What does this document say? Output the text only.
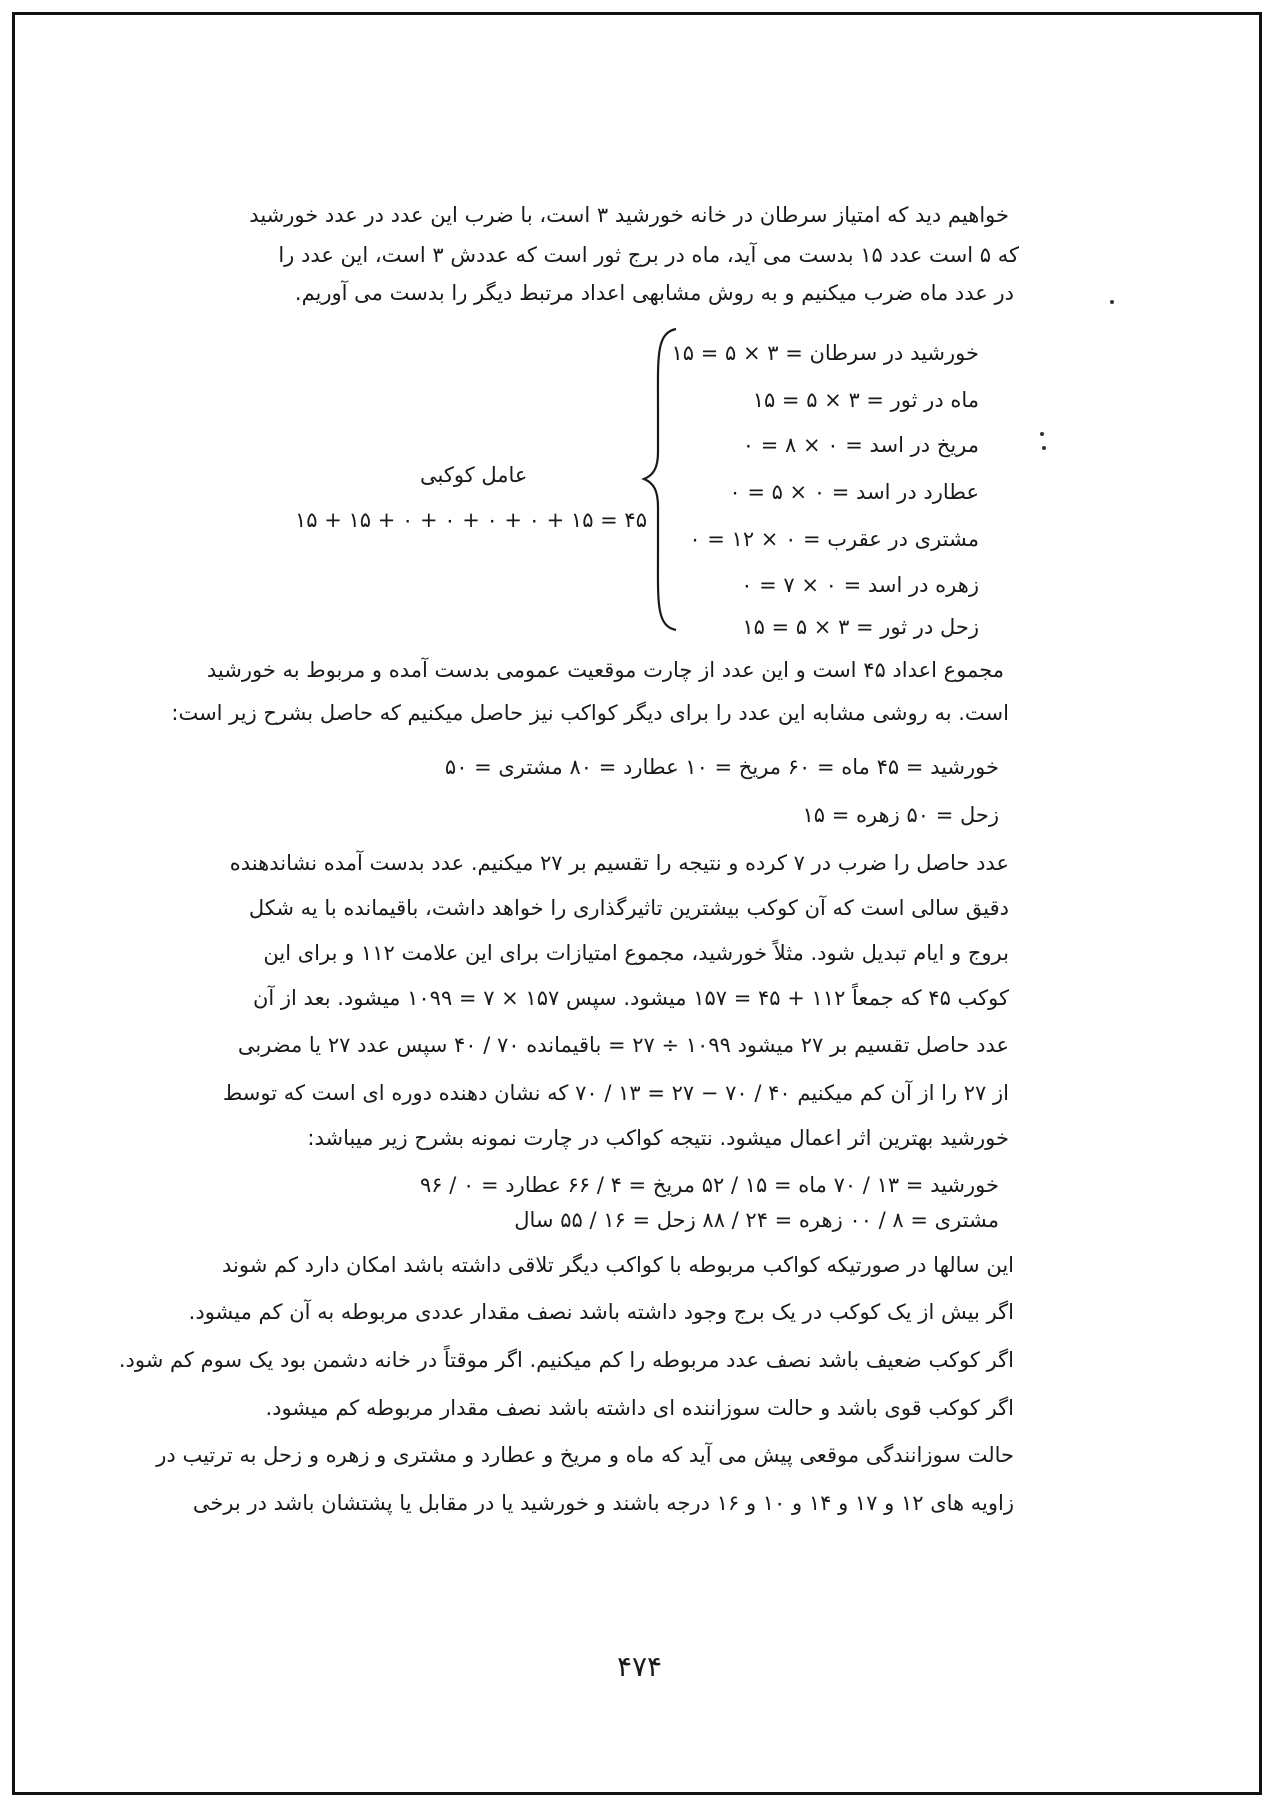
خواهیم دید که امتیاز سرطان در خانه خورشید ۳ است، با ضرب این عدد در عدد خورشید
که ۵ است عدد ۱۵ بدست می آید، ماه در برج ثور است که عددش ۳ است، این عدد را
در عدد ماه ضرب میکنیم و به روش مشابهی اعداد مرتبط دیگر را بدست می آوریم.
خورشید در سرطان = ۳ × ۵ = ۱۵
ماه در ثور = ۳ × ۵ = ۱۵
مریخ در اسد = ۰ × ۸ = ۰
عطارد در اسد = ۰ × ۵ = ۰
مشتری در عقرب = ۰ × ۱۲ = ۰
زهره در اسد = ۰ × ۷ = ۰
زحل در ثور = ۳ × ۵ = ۱۵
عامل کوکبی
۱۵ + ۱۵ + ۰ + ۰ + ۰ + ۰ + ۱۵ = ۴۵
مجموع اعداد ۴۵ است و این عدد از چارت موقعیت عمومی بدست آمده و مربوط به خورشید
است. به روشی مشابه این عدد را برای دیگر کواکب نیز حاصل میکنیم که حاصل بشرح زیر است:
خورشید = ۴۵ ماه = ۶۰ مریخ = ۱۰ عطارد = ۸۰ مشتری = ۵۰
زحل = ۵۰ زهره = ۱۵
عدد حاصل را ضرب در ۷ کرده و نتیجه را تقسیم بر ۲۷ میکنیم. عدد بدست آمده نشاندهنده
دقیق سالی است که آن کوکب بیشترین تاثیرگذاری را خواهد داشت، باقیمانده با یه شکل
بروج و ایام تبدیل شود. مثلاً خورشید، مجموع امتیازات برای این علامت ۱۱۲ و برای این
کوکب ۴۵ که جمعاً ۱۱۲ + ۴۵ = ۱۵۷ میشود. سپس ۱۵۷ × ۷ = ۱۰۹۹ میشود. بعد از آن
عدد حاصل تقسیم بر ۲۷ میشود ۱۰۹۹ ÷ ۲۷ = باقیمانده ۷۰ / ۴۰ سپس عدد ۲۷ یا مضربی
از ۲۷ را از آن کم میکنیم ۴۰ / ۷۰ − ۲۷ = ۱۳ / ۷۰ که نشان دهنده دوره ای است که توسط
خورشید بهترین اثر اعمال میشود. نتیجه کواکب در چارت نمونه بشرح زیر میباشد:
خورشید = ۱۳ / ۷۰ ماه = ۱۵ / ۵۲ مریخ = ۴ / ۶۶ عطارد = ۰ / ۹۶
مشتری = ۸ / ۰۰ زهره = ۲۴ / ۸۸ زحل = ۱۶ / ۵۵ سال
این سالها در صورتیکه کواکب مربوطه با کواکب دیگر تلاقی داشته باشد امکان دارد کم شوند
اگر بیش از یک کوکب در یک برج وجود داشته باشد نصف مقدار عددی مربوطه به آن کم میشود.
اگر کوکب ضعیف باشد نصف عدد مربوطه را کم میکنیم. اگر موقتاً در خانه دشمن بود یک سوم کم شود.
اگر کوکب قوی باشد و حالت سوزاننده ای داشته باشد نصف مقدار مربوطه کم میشود.
حالت سوزانندگی موقعی پیش می آید که ماه و مریخ و عطارد و مشتری و زهره و زحل به ترتیب در
زاویه های ۱۲ و ۱۷ و ۱۴ و ۱۰ و ۱۶ درجه باشند و خورشید یا در مقابل یا پشتشان باشد در برخی
۴۷۴
